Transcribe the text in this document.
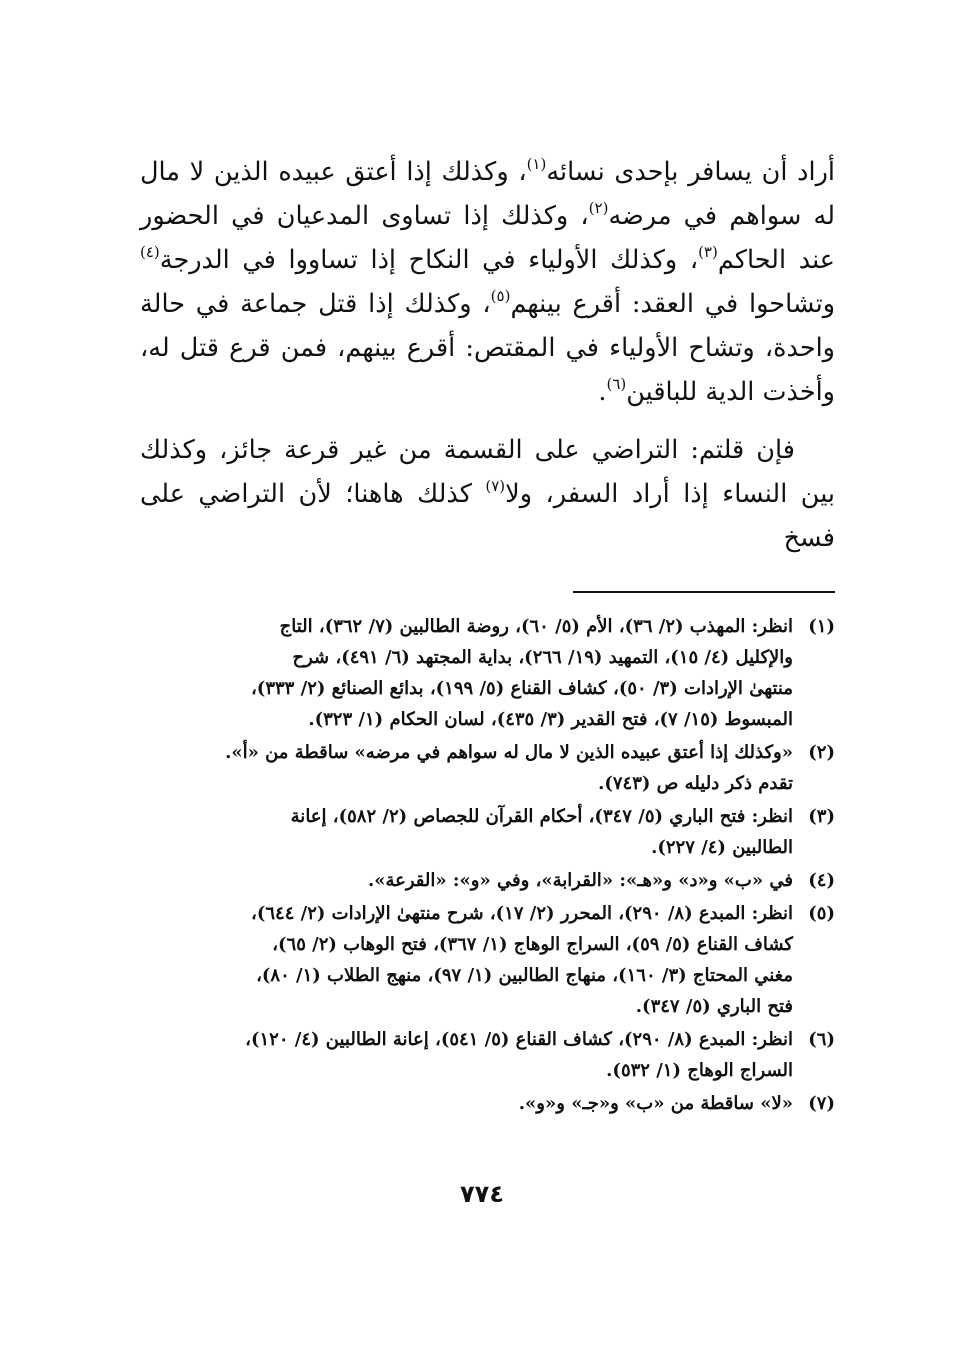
أراد أن يسافر بإحدى نسائه$^{(١)}$، وكذلك إذا أعتق عبيده الذين لا مال له سواهم في مرضه$^{(٢)}$، وكذلك إذا تساوى المدعيان في الحضور عند الحاكم$^{(٣)}$، وكذلك الأولياء في النكاح إذا تساووا في الدرجة$^{(٤)}$ وتشاحوا في العقد: أقرع بينهم$^{(٥)}$، وكذلك إذا قتل جماعة في حالة واحدة، وتشاح الأولياء في المقتص: أقرع بينهم، فمن قرع قتل له، وأخذت الدية للباقين$^{(٦)}$.

فإن قلتم: التراضي على القسمة من غير قرعة جائز، وكذلك بين النساء إذا أراد السفر، ولا$^{(٧)}$ كذلك هاهنا؛ لأن التراضي على فسخ

(١)
انظر: المهذب (٢/ ٣٦)، الأم (٥/ ٦٠)، روضة الطالبين (٧/ ٣٦٢)، التاج
والإكليل (٤/ ١٥)، التمهيد (١٩/ ٢٦٦)، بداية المجتهد (٦/ ٤٩١)، شرح
منتهىٰ الإرادات (٣/ ٥٠)، كشاف القناع (٥/ ١٩٩)، بدائع الصنائع (٢/ ٣٣٣)،
المبسوط (١٥/ ٧)، فتح القدير (٣/ ٤٣٥)، لسان الحكام (١/ ٣٢٣).
(٢)
«وكذلك إذا أعتق عبيده الذين لا مال له سواهم في مرضه» ساقطة من «أ».
تقدم ذكر دليله ص (٧٤٣).
(٣)
انظر: فتح الباري (٥/ ٣٤٧)، أحكام القرآن للجصاص (٢/ ٥٨٢)، إعانة
الطالبين (٤/ ٢٢٧).
(٤)
في «ب» و«د» و«هـ»: «القرابة»، وفي «و»: «القرعة».
(٥)
انظر: المبدع (٨/ ٢٩٠)، المحرر (٢/ ١٧)، شرح منتهىٰ الإرادات (٢/ ٦٤٤)،
كشاف القناع (٥/ ٥٩)، السراج الوهاج (١/ ٣٦٧)، فتح الوهاب (٢/ ٦٥)،
مغني المحتاج (٣/ ١٦٠)، منهاج الطالبين (١/ ٩٧)، منهج الطلاب (١/ ٨٠)،
فتح الباري (٥/ ٣٤٧).
(٦)
انظر: المبدع (٨/ ٢٩٠)، كشاف القناع (٥/ ٥٤١)، إعانة الطالبين (٤/ ١٢٠)،
السراج الوهاج (١/ ٥٣٢).
(٧)
«لا» ساقطة من «ب» و«جـ» و«و».
٧٧٤
